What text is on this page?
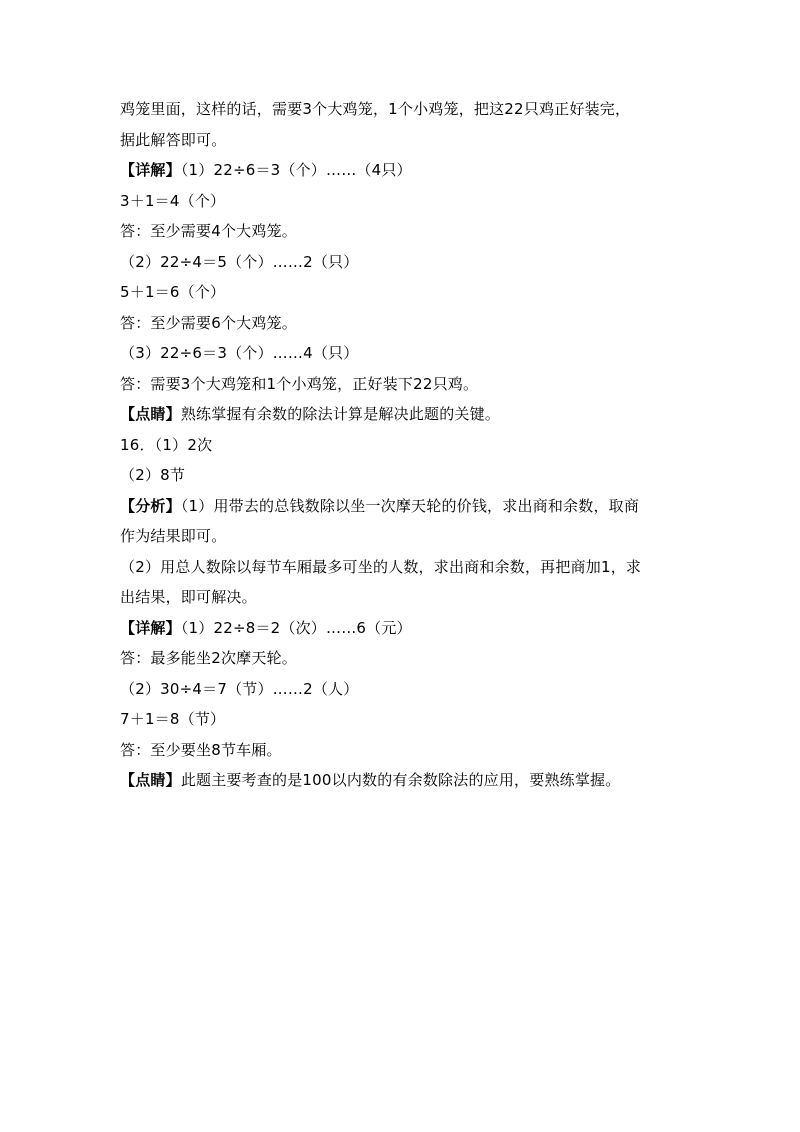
鸡笼里面，这样的话，需要3个大鸡笼，1个小鸡笼，把这22只鸡正好装完，
据此解答即可。
【详解】（1）22÷6＝3（个）……（4只）
3＋1＝4（个）
答：至少需要4个大鸡笼。
（2）22÷4＝5（个）……2（只）
5＋1＝6（个）
答：至少需要6个大鸡笼。
（3）22÷6＝3（个）……4（只）
答：需要3个大鸡笼和1个小鸡笼，正好装下22只鸡。
【点睛】熟练掌握有余数的除法计算是解决此题的关键。
16．（1）2次
（2）8节
【分析】（1）用带去的总钱数除以坐一次摩天轮的价钱，求出商和余数，取商
作为结果即可。
（2）用总人数除以每节车厢最多可坐的人数，求出商和余数，再把商加1，求
出结果，即可解决。
【详解】（1）22÷8＝2（次）……6（元）
答：最多能坐2次摩天轮。
（2）30÷4＝7（节）……2（人）
7＋1＝8（节）
答：至少要坐8节车厢。
【点睛】此题主要考查的是100以内数的有余数除法的应用，要熟练掌握。
